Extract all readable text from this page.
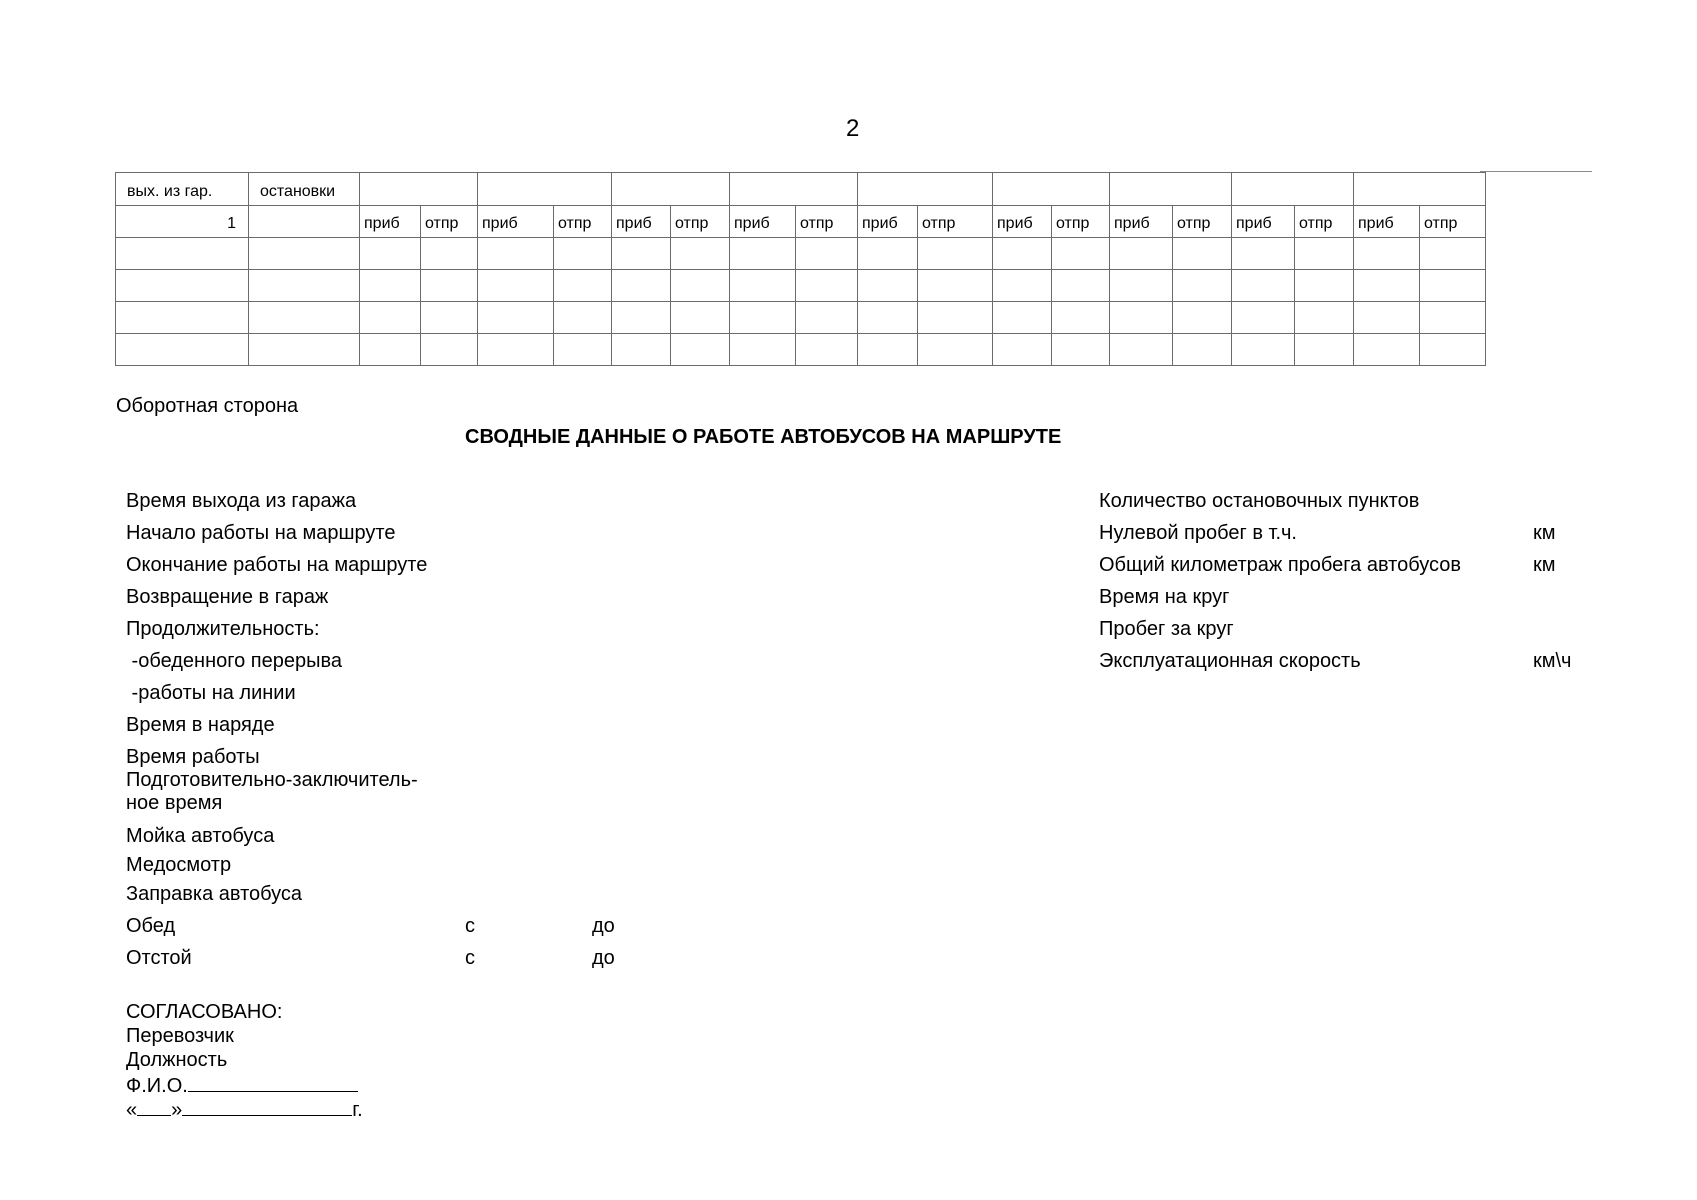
2
вых. из гар.	остановки																		

1		приб	отпр	приб	отпр	приб	отпр	приб	отпр	приб	отпр	приб	отпр	приб	отпр	приб	отпр	приб	отпр

Оборотная сторона
СВОДНЫЕ ДАННЫЕ О РАБОТЕ АВТОБУСОВ НА МАРШРУТЕ
Время выхода из гаража
Начало работы на маршруте
Окончание работы на маршруте
Возвращение в гараж
Продолжительность:
-обеденного перерыва
-работы на линии
Время в наряде
Время работы
Подготовительно-заключитель-
ное время
Мойка автобуса
Медосмотр
Заправка автобуса
Обед	с	до
Отстой	с	до
Количество остановочных пунктов
Нулевой пробег в т.ч.	км
Общий километраж пробега автобусов	км
Время на круг
Пробег за круг
Эксплуатационная скорость	км\ч
СОГЛАСОВАНО:
Перевозчик
Должность
Ф.И.О.
« »	г.
